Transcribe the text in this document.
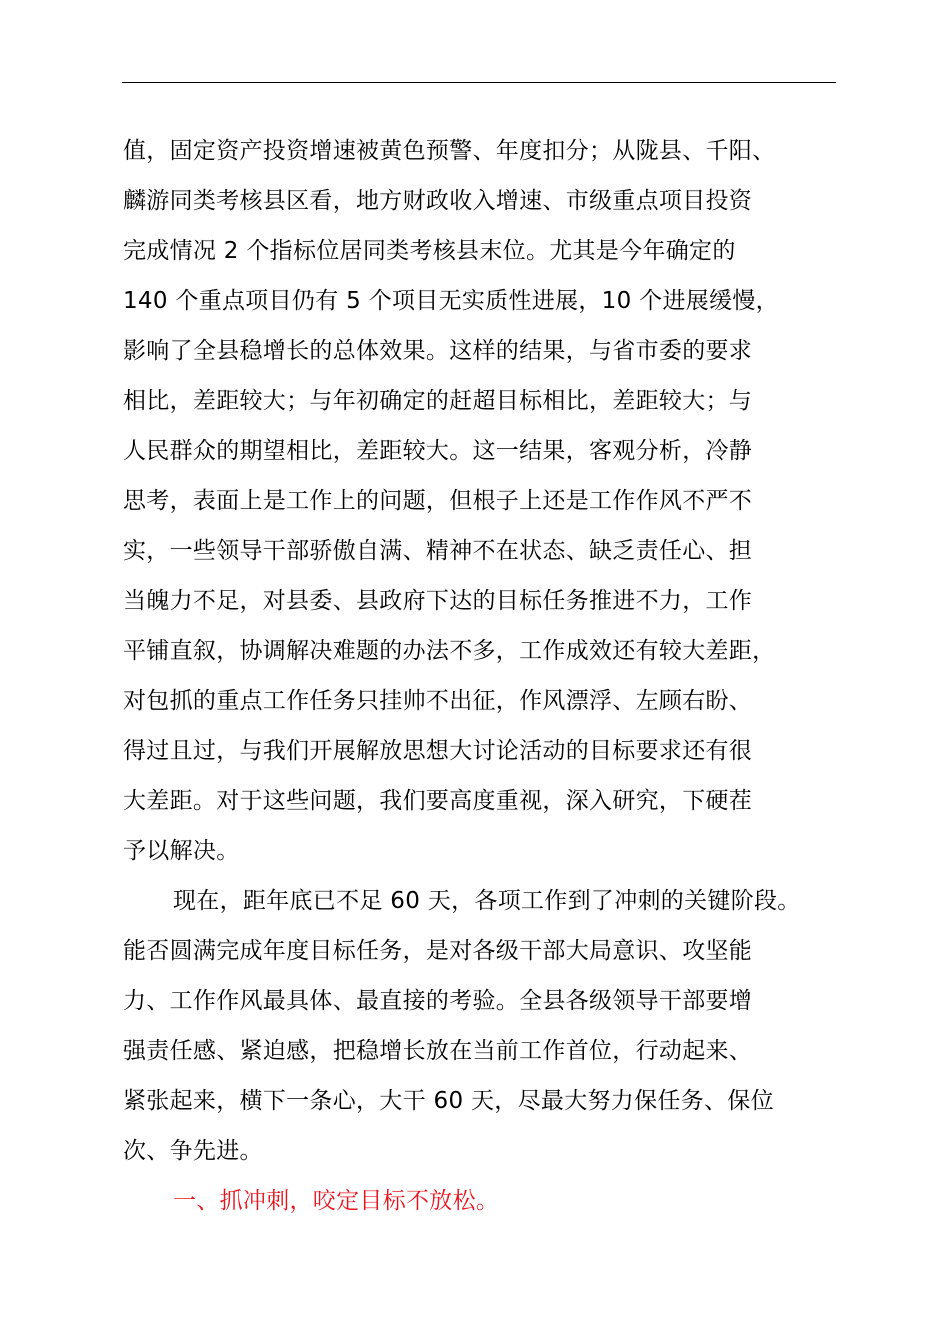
值，固定资产投资增速被黄色预警、年度扣分；从陇县、千阳、
麟游同类考核县区看，地方财政收入增速、市级重点项目投资
完成情况 2 个指标位居同类考核县末位。尤其是今年确定的
140 个重点项目仍有 5 个项目无实质性进展，10 个进展缓慢，
影响了全县稳增长的总体效果。这样的结果，与省市委的要求
相比，差距较大；与年初确定的赶超目标相比，差距较大；与
人民群众的期望相比，差距较大。这一结果，客观分析，冷静
思考，表面上是工作上的问题，但根子上还是工作作风不严不
实，一些领导干部骄傲自满、精神不在状态、缺乏责任心、担
当魄力不足，对县委、县政府下达的目标任务推进不力，工作
平铺直叙，协调解决难题的办法不多，工作成效还有较大差距，
对包抓的重点工作任务只挂帅不出征，作风漂浮、左顾右盼、
得过且过，与我们开展解放思想大讨论活动的目标要求还有很
大差距。对于这些问题，我们要高度重视，深入研究，下硬茬
予以解决。
现在，距年底已不足 60 天，各项工作到了冲刺的关键阶段。
能否圆满完成年度目标任务，是对各级干部大局意识、攻坚能
力、工作作风最具体、最直接的考验。全县各级领导干部要增
强责任感、紧迫感，把稳增长放在当前工作首位，行动起来、
紧张起来，横下一条心，大干 60 天，尽最大努力保任务、保位
次、争先进。
一、抓冲刺，咬定目标不放松。
